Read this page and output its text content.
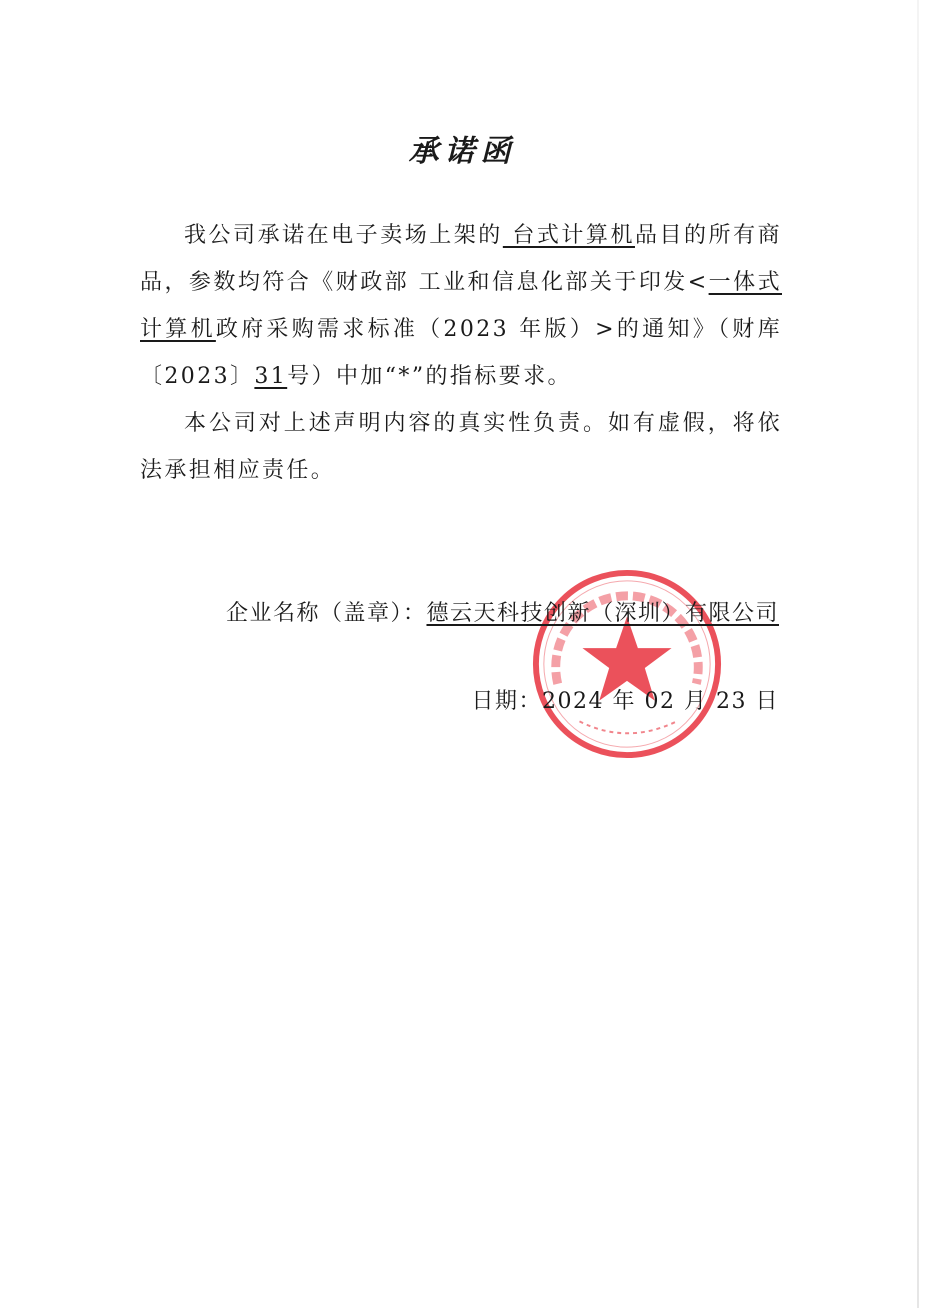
承诺函

我公司承诺在电子卖场上架的 台式计算机品目的所有商品，参数均符合《财政部 工业和信息化部关于印发<一体式计算机政府采购需求标准（2023 年版）>的通知》（财库〔2023〕31号）中加“*”的指标要求。

本公司对上述声明内容的真实性负责。如有虚假，将依法承担相应责任。

企业名称（盖章）：德云天科技创新（深圳）有限公司
日期：2024 年 02 月 23 日
